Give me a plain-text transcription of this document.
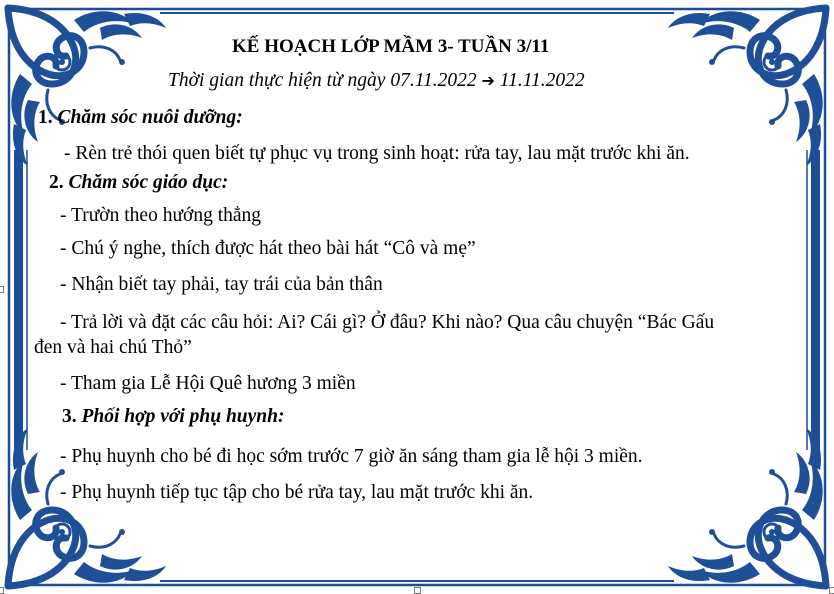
KẾ HOẠCH LỚP MẦM 3- TUẦN 3/11
Thời gian thực hiện từ ngày 07.11.2022 ➔ 11.11.2022
1. Chăm sóc nuôi dưỡng:
- Rèn trẻ thói quen biết tự phục vụ trong sinh hoạt: rửa tay, lau mặt trước khi ăn.
2. Chăm sóc giáo dục:
- Trườn theo hướng thẳng
- Chú ý nghe, thích được hát theo bài hát “Cô và mẹ”
- Nhận biết tay phải, tay trái của bản thân
- Trả lời và đặt các câu hỏi: Ai? Cái gì? Ở đâu? Khi nào? Qua câu chuyện “Bác Gấu
đen và hai chú Thỏ”
- Tham gia Lễ Hội Quê hương 3 miền
3. Phối hợp với phụ huynh:
- Phụ huynh cho bé đi học sớm trước 7 giờ ăn sáng tham gia lễ hội 3 miền.
- Phụ huynh tiếp tục tập cho bé rửa tay, lau mặt trước khi ăn.
